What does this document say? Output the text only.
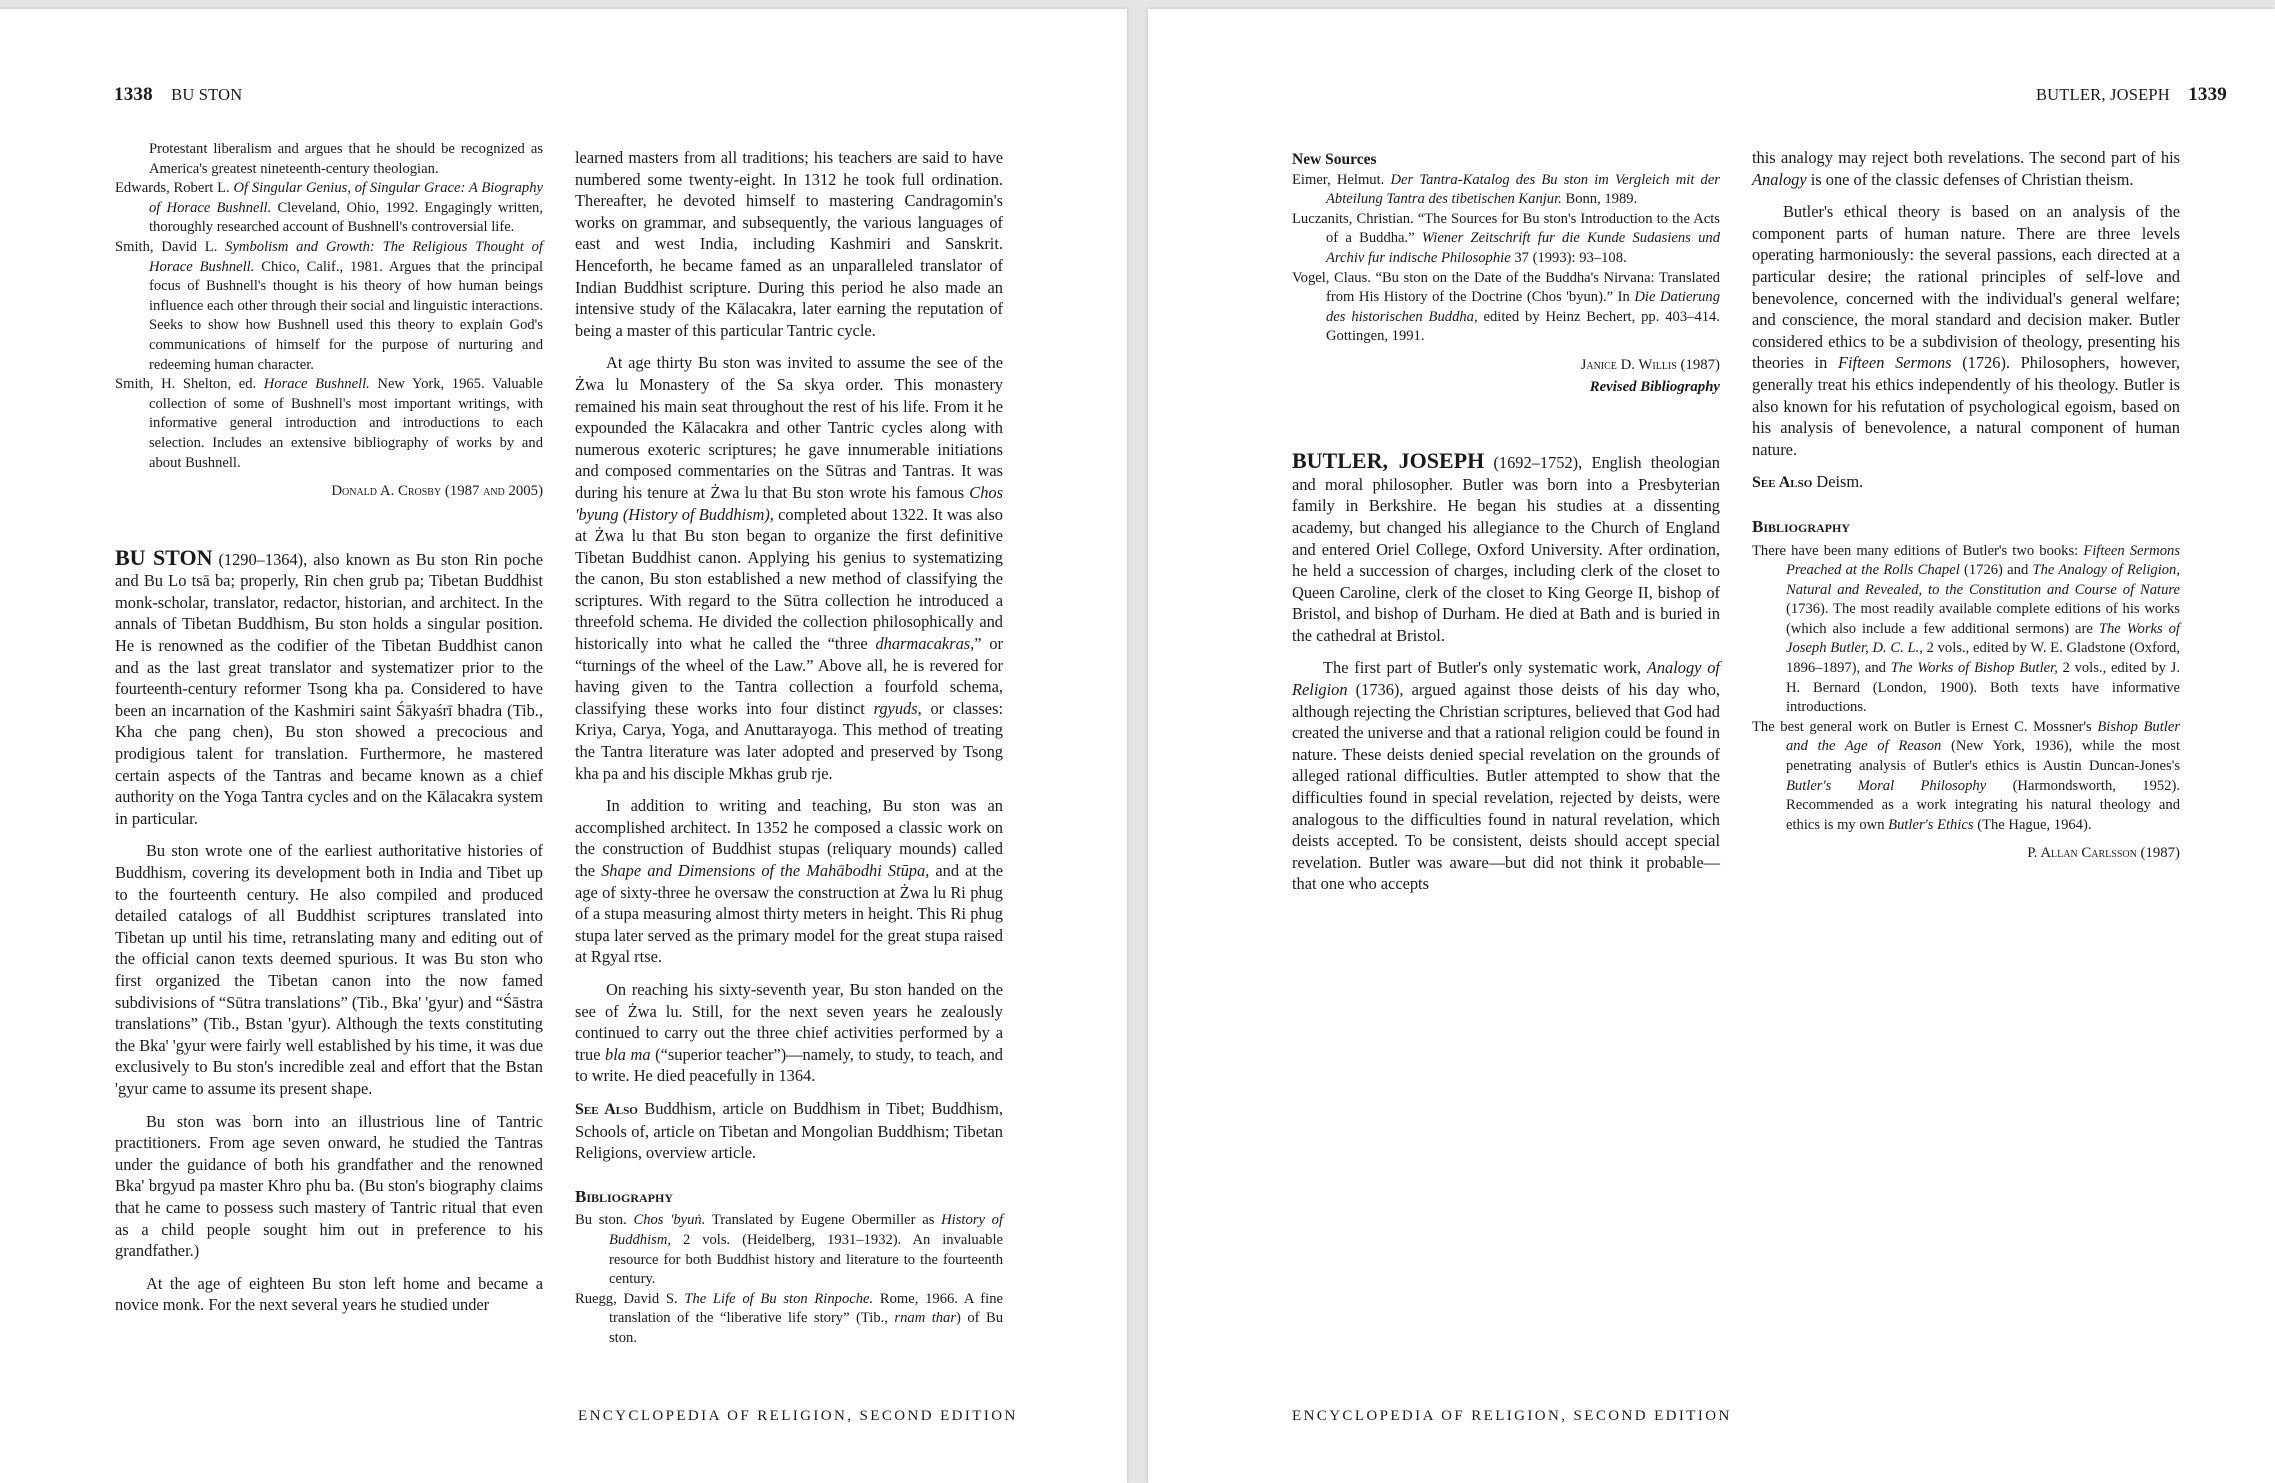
1338 BU STON

Protestant liberalism and argues that he should be recognized as America's greatest nineteenth-century theologian.

Edwards, Robert L. Of Singular Genius, of Singular Grace: A Biography of Horace Bushnell. Cleveland, Ohio, 1992. Engagingly written, thoroughly researched account of Bushnell's controversial life.

Smith, David L. Symbolism and Growth: The Religious Thought of Horace Bushnell. Chico, Calif., 1981. Argues that the principal focus of Bushnell's thought is his theory of how human beings influence each other through their social and linguistic interactions. Seeks to show how Bushnell used this theory to explain God's communications of himself for the purpose of nurturing and redeeming human character.

Smith, H. Shelton, ed. Horace Bushnell. New York, 1965. Valuable collection of some of Bushnell's most important writings, with informative general introduction and introductions to each selection. Includes an extensive bibliography of works by and about Bushnell.

Donald A. Crosby (1987 and 2005)

BU STON (1290–1364), also known as Bu ston Rin poche and Bu Lo tsā ba; properly, Rin chen grub pa; Tibetan Buddhist monk-scholar, translator, redactor, historian, and architect. In the annals of Tibetan Buddhism, Bu ston holds a singular position. He is renowned as the codifier of the Tibetan Buddhist canon and as the last great translator and systematizer prior to the fourteenth-century reformer Tsong kha pa. Considered to have been an incarnation of the Kashmiri saint Śākyaśrī bhadra (Tib., Kha che pang chen), Bu ston showed a precocious and prodigious talent for translation. Furthermore, he mastered certain aspects of the Tantras and became known as a chief authority on the Yoga Tantra cycles and on the Kālacakra system in particular.

Bu ston wrote one of the earliest authoritative histories of Buddhism, covering its development both in India and Tibet up to the fourteenth century. He also compiled and produced detailed catalogs of all Buddhist scriptures translated into Tibetan up until his time, retranslating many and editing out of the official canon texts deemed spurious. It was Bu ston who first organized the Tibetan canon into the now famed subdivisions of “Sūtra translations” (Tib., Bka' 'gyur) and “Śāstra translations” (Tib., Bstan 'gyur). Although the texts constituting the Bka' 'gyur were fairly well established by his time, it was due exclusively to Bu ston's incredible zeal and effort that the Bstan 'gyur came to assume its present shape.

Bu ston was born into an illustrious line of Tantric practitioners. From age seven onward, he studied the Tantras under the guidance of both his grandfather and the renowned Bka' brgyud pa master Khro phu ba. (Bu ston's biography claims that he came to possess such mastery of Tantric ritual that even as a child people sought him out in preference to his grandfather.)

At the age of eighteen Bu ston left home and became a novice monk. For the next several years he studied under

learned masters from all traditions; his teachers are said to have numbered some twenty-eight. In 1312 he took full ordination. Thereafter, he devoted himself to mastering Candragomin's works on grammar, and subsequently, the various languages of east and west India, including Kashmiri and Sanskrit. Henceforth, he became famed as an unparalleled translator of Indian Buddhist scripture. During this period he also made an intensive study of the Kālacakra, later earning the reputation of being a master of this particular Tantric cycle.

At age thirty Bu ston was invited to assume the see of the Żwa lu Monastery of the Sa skya order. This monastery remained his main seat throughout the rest of his life. From it he expounded the Kālacakra and other Tantric cycles along with numerous exoteric scriptures; he gave innumerable initiations and composed commentaries on the Sūtras and Tantras. It was during his tenure at Żwa lu that Bu ston wrote his famous Chos 'byung (History of Buddhism), completed about 1322. It was also at Żwa lu that Bu ston began to organize the first definitive Tibetan Buddhist canon. Applying his genius to systematizing the canon, Bu ston established a new method of classifying the scriptures. With regard to the Sūtra collection he introduced a threefold schema. He divided the collection philosophically and historically into what he called the “three dharmacakras,” or “turnings of the wheel of the Law.” Above all, he is revered for having given to the Tantra collection a fourfold schema, classifying these works into four distinct rgyuds, or classes: Kriya, Carya, Yoga, and Anuttarayoga. This method of treating the Tantra literature was later adopted and preserved by Tsong kha pa and his disciple Mkhas grub rje.

In addition to writing and teaching, Bu ston was an accomplished architect. In 1352 he composed a classic work on the construction of Buddhist stupas (reliquary mounds) called the Shape and Dimensions of the Mahābodhi Stūpa, and at the age of sixty-three he oversaw the construction at Żwa lu Ri phug of a stupa measuring almost thirty meters in height. This Ri phug stupa later served as the primary model for the great stupa raised at Rgyal rtse.

On reaching his sixty-seventh year, Bu ston handed on the see of Żwa lu. Still, for the next seven years he zealously continued to carry out the three chief activities performed by a true bla ma (“superior teacher”)—namely, to study, to teach, and to write. He died peacefully in 1364.

See Also Buddhism, article on Buddhism in Tibet; Buddhism, Schools of, article on Tibetan and Mongolian Buddhism; Tibetan Religions, overview article.

Bibliography

Bu ston. Chos 'byuṅ. Translated by Eugene Obermiller as History of Buddhism, 2 vols. (Heidelberg, 1931–1932). An invaluable resource for both Buddhist history and literature to the fourteenth century.

Ruegg, David S. The Life of Bu ston Rinpoche. Rome, 1966. A fine translation of the “liberative life story” (Tib., rnam thar) of Bu ston.

ENCYCLOPEDIA OF RELIGION, SECOND EDITION
BUTLER, JOSEPH 1339

New Sources

Eimer, Helmut. Der Tantra-Katalog des Bu ston im Vergleich mit der Abteilung Tantra des tibetischen Kanjur. Bonn, 1989.

Luczanits, Christian. “The Sources for Bu ston's Introduction to the Acts of a Buddha.” Wiener Zeitschrift fur die Kunde Sudasiens und Archiv fur indische Philosophie 37 (1993): 93–108.

Vogel, Claus. “Bu ston on the Date of the Buddha's Nirvana: Translated from His History of the Doctrine (Chos 'byun).” In Die Datierung des historischen Buddha, edited by Heinz Bechert, pp. 403–414. Gottingen, 1991.

Janice D. Willis (1987)

Revised Bibliography

BUTLER, JOSEPH (1692–1752), English theologian and moral philosopher. Butler was born into a Presbyterian family in Berkshire. He began his studies at a dissenting academy, but changed his allegiance to the Church of England and entered Oriel College, Oxford University. After ordination, he held a succession of charges, including clerk of the closet to Queen Caroline, clerk of the closet to King George II, bishop of Bristol, and bishop of Durham. He died at Bath and is buried in the cathedral at Bristol.

The first part of Butler's only systematic work, Analogy of Religion (1736), argued against those deists of his day who, although rejecting the Christian scriptures, believed that God had created the universe and that a rational religion could be found in nature. These deists denied special revelation on the grounds of alleged rational difficulties. Butler attempted to show that the difficulties found in special revelation, rejected by deists, were analogous to the difficulties found in natural revelation, which deists accepted. To be consistent, deists should accept special revelation. Butler was aware—but did not think it probable—that one who accepts

this analogy may reject both revelations. The second part of his Analogy is one of the classic defenses of Christian theism.

Butler's ethical theory is based on an analysis of the component parts of human nature. There are three levels operating harmoniously: the several passions, each directed at a particular desire; the rational principles of self-love and benevolence, concerned with the individual's general welfare; and conscience, the moral standard and decision maker. Butler considered ethics to be a subdivision of theology, presenting his theories in Fifteen Sermons (1726). Philosophers, however, generally treat his ethics independently of his theology. Butler is also known for his refutation of psychological egoism, based on his analysis of benevolence, a natural component of human nature.

See Also Deism.

Bibliography

There have been many editions of Butler's two books: Fifteen Sermons Preached at the Rolls Chapel (1726) and The Analogy of Religion, Natural and Revealed, to the Constitution and Course of Nature (1736). The most readily available complete editions of his works (which also include a few additional sermons) are The Works of Joseph Butler, D. C. L., 2 vols., edited by W. E. Gladstone (Oxford, 1896–1897), and The Works of Bishop Butler, 2 vols., edited by J. H. Bernard (London, 1900). Both texts have informative introductions.

The best general work on Butler is Ernest C. Mossner's Bishop Butler and the Age of Reason (New York, 1936), while the most penetrating analysis of Butler's ethics is Austin Duncan-Jones's Butler's Moral Philosophy (Harmondsworth, 1952). Recommended as a work integrating his natural theology and ethics is my own Butler's Ethics (The Hague, 1964).

P. Allan Carlsson (1987)

ENCYCLOPEDIA OF RELIGION, SECOND EDITION
